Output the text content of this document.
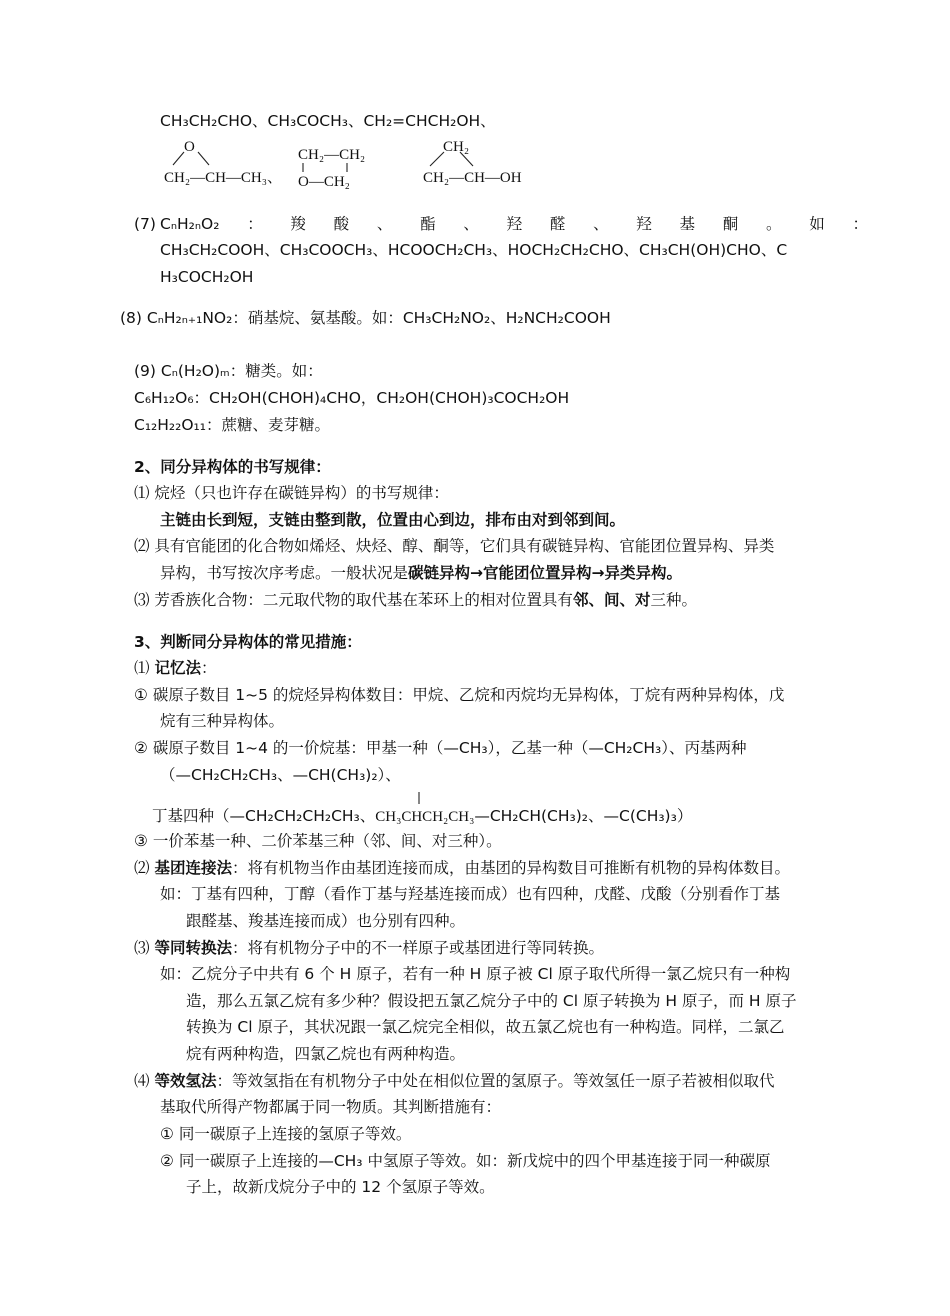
CH₃CH₂CHO、CH₃COCH₃、CH₂=CHCH₂OH、
O
CH₂—CH—CH₃、
CH₂—CH₂
O—CH₂
CH₂
CH₂—CH—OH
(7) CₙH₂ₙO₂ ： 羧 酸 、 酯 、 羟 醛 、 羟 基 酮 。 如 ：
CH₃CH₂COOH、CH₃COOCH₃、HCOOCH₂CH₃、HOCH₂CH₂CHO、CH₃CH(OH)CHO、C
H₃COCH₂OH
(8) CₙH₂ₙ₊₁NO₂：硝基烷、氨基酸。如：CH₃CH₂NO₂、H₂NCH₂COOH
(9) Cₙ(H₂O)ₘ：糖类。如：
C₆H₁₂O₆：CH₂OH(CHOH)₄CHO，CH₂OH(CHOH)₃COCH₂OH
C₁₂H₂₂O₁₁：蔗糖、麦芽糖。
2、同分异构体的书写规律：
⑴ 烷烃（只也许存在碳链异构）的书写规律：
主链由长到短，支链由整到散，位置由心到边，排布由对到邻到间。
⑵ 具有官能团的化合物如烯烃、炔烃、醇、酮等，它们具有碳链异构、官能团位置异构、异类
异构，书写按次序考虑。一般状况是碳链异构→官能团位置异构→异类异构。
⑶ 芳香族化合物：二元取代物的取代基在苯环上的相对位置具有邻、间、对三种。
3、判断同分异构体的常见措施：
⑴ 记忆法：
① 碳原子数目 1~5 的烷烃异构体数目：甲烷、乙烷和丙烷均无异构体，丁烷有两种异构体，戊
烷有三种异构体。
② 碳原子数目 1~4 的一价烷基：甲基一种（—CH₃），乙基一种（—CH₂CH₃）、丙基两种
（—CH₂CH₂CH₃、—CH(CH₃)₂）、
丁基四种（—CH₂CH₂CH₂CH₃、CH₃CHCH₂CH₃—CH₂CH(CH₃)₂、—C(CH₃)₃）
③ 一价苯基一种、二价苯基三种（邻、间、对三种）。
⑵ 基团连接法：将有机物当作由基团连接而成，由基团的异构数目可推断有机物的异构体数目。
如：丁基有四种，丁醇（看作丁基与羟基连接而成）也有四种，戊醛、戊酸（分别看作丁基
跟醛基、羧基连接而成）也分别有四种。
⑶ 等同转换法：将有机物分子中的不一样原子或基团进行等同转换。
如：乙烷分子中共有 6 个 H 原子，若有一种 H 原子被 Cl 原子取代所得一氯乙烷只有一种构
造，那么五氯乙烷有多少种？假设把五氯乙烷分子中的 Cl 原子转换为 H 原子，而 H 原子
转换为 Cl 原子，其状况跟一氯乙烷完全相似，故五氯乙烷也有一种构造。同样，二氯乙
烷有两种构造，四氯乙烷也有两种构造。
⑷ 等效氢法：等效氢指在有机物分子中处在相似位置的氢原子。等效氢任一原子若被相似取代
基取代所得产物都属于同一物质。其判断措施有：
① 同一碳原子上连接的氢原子等效。
② 同一碳原子上连接的—CH₃ 中氢原子等效。如：新戊烷中的四个甲基连接于同一种碳原
子上，故新戊烷分子中的 12 个氢原子等效。
